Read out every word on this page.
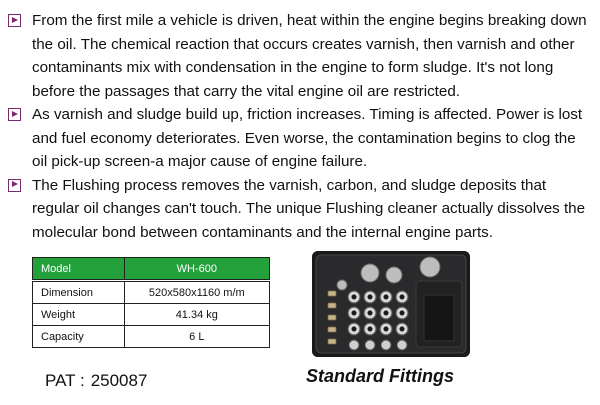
From the first mile a vehicle is driven, heat within the engine begins breaking down the oil. The chemical reaction that occurs creates varnish, then varnish and other contaminants mix with condensation in the engine to form sludge. It's not long before the passages that carry the vital engine oil are restricted.
As varnish and sludge build up, friction increases. Timing is affected. Power is lost and fuel economy deteriorates. Even worse, the contamination begins to clog the oil pick-up screen-a major cause of engine failure.
The Flushing process removes the varnish, carbon, and sludge deposits that regular oil changes can't touch. The unique Flushing cleaner actually dissolves the molecular bond between contaminants and the internal engine parts.
Model	WH-600

Dimension	520x580x1160 m/m
Weight	41.34 kg
Capacity	6 L
PAT : 250087	Standard Fittings
